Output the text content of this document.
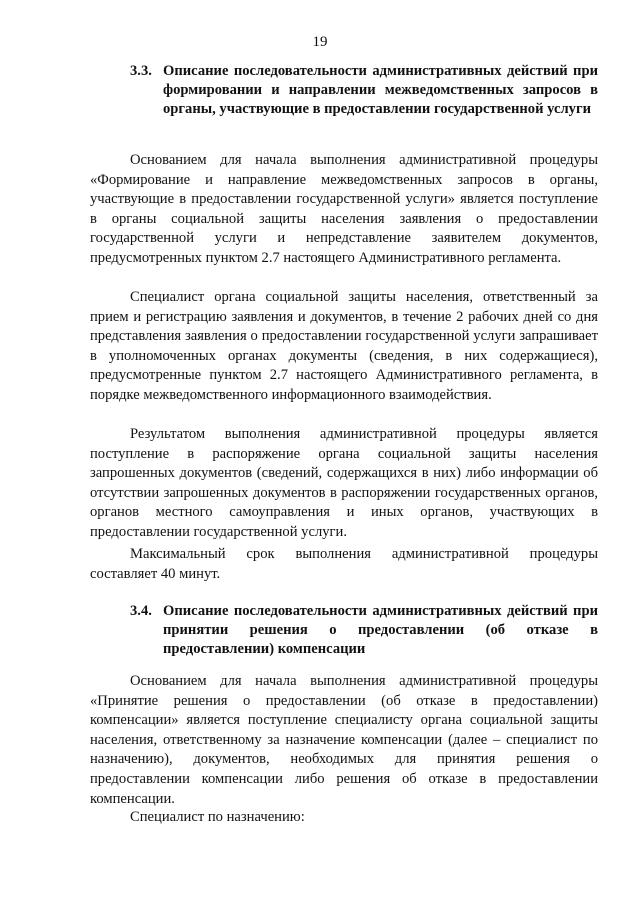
19
3.3. Описание последовательности административных действий при формировании и направлении межведомственных запросов в органы, участвующие в предоставлении государственной услуги
Основанием для начала выполнения административной процедуры «Формирование и направление межведомственных запросов в органы, участвующие в предоставлении государственной услуги» является поступление в органы социальной защиты населения заявления о предоставлении государственной услуги и непредставление заявителем документов, предусмотренных пунктом 2.7 настоящего Административного регламента.
Специалист органа социальной защиты населения, ответственный за прием и регистрацию заявления и документов, в течение 2 рабочих дней со дня представления заявления о предоставлении государственной услуги запрашивает в уполномоченных органах документы (сведения, в них содержащиеся), предусмотренные пунктом 2.7 настоящего Административного регламента, в порядке межведомственного информационного взаимодействия.
Результатом выполнения административной процедуры является поступление в распоряжение органа социальной защиты населения запрошенных документов (сведений, содержащихся в них) либо информации об отсутствии запрошенных документов в распоряжении государственных органов, органов местного самоуправления и иных органов, участвующих в предоставлении государственной услуги.
Максимальный срок выполнения административной процедуры составляет 40 минут.
3.4. Описание последовательности административных действий при принятии решения о предоставлении (об отказе в предоставлении) компенсации
Основанием для начала выполнения административной процедуры «Принятие решения о предоставлении (об отказе в предоставлении) компенсации» является поступление специалисту органа социальной защиты населения, ответственному за назначение компенсации (далее – специалист по назначению), документов, необходимых для принятия решения о предоставлении компенсации либо решения об отказе в предоставлении компенсации.
Специалист по назначению:
